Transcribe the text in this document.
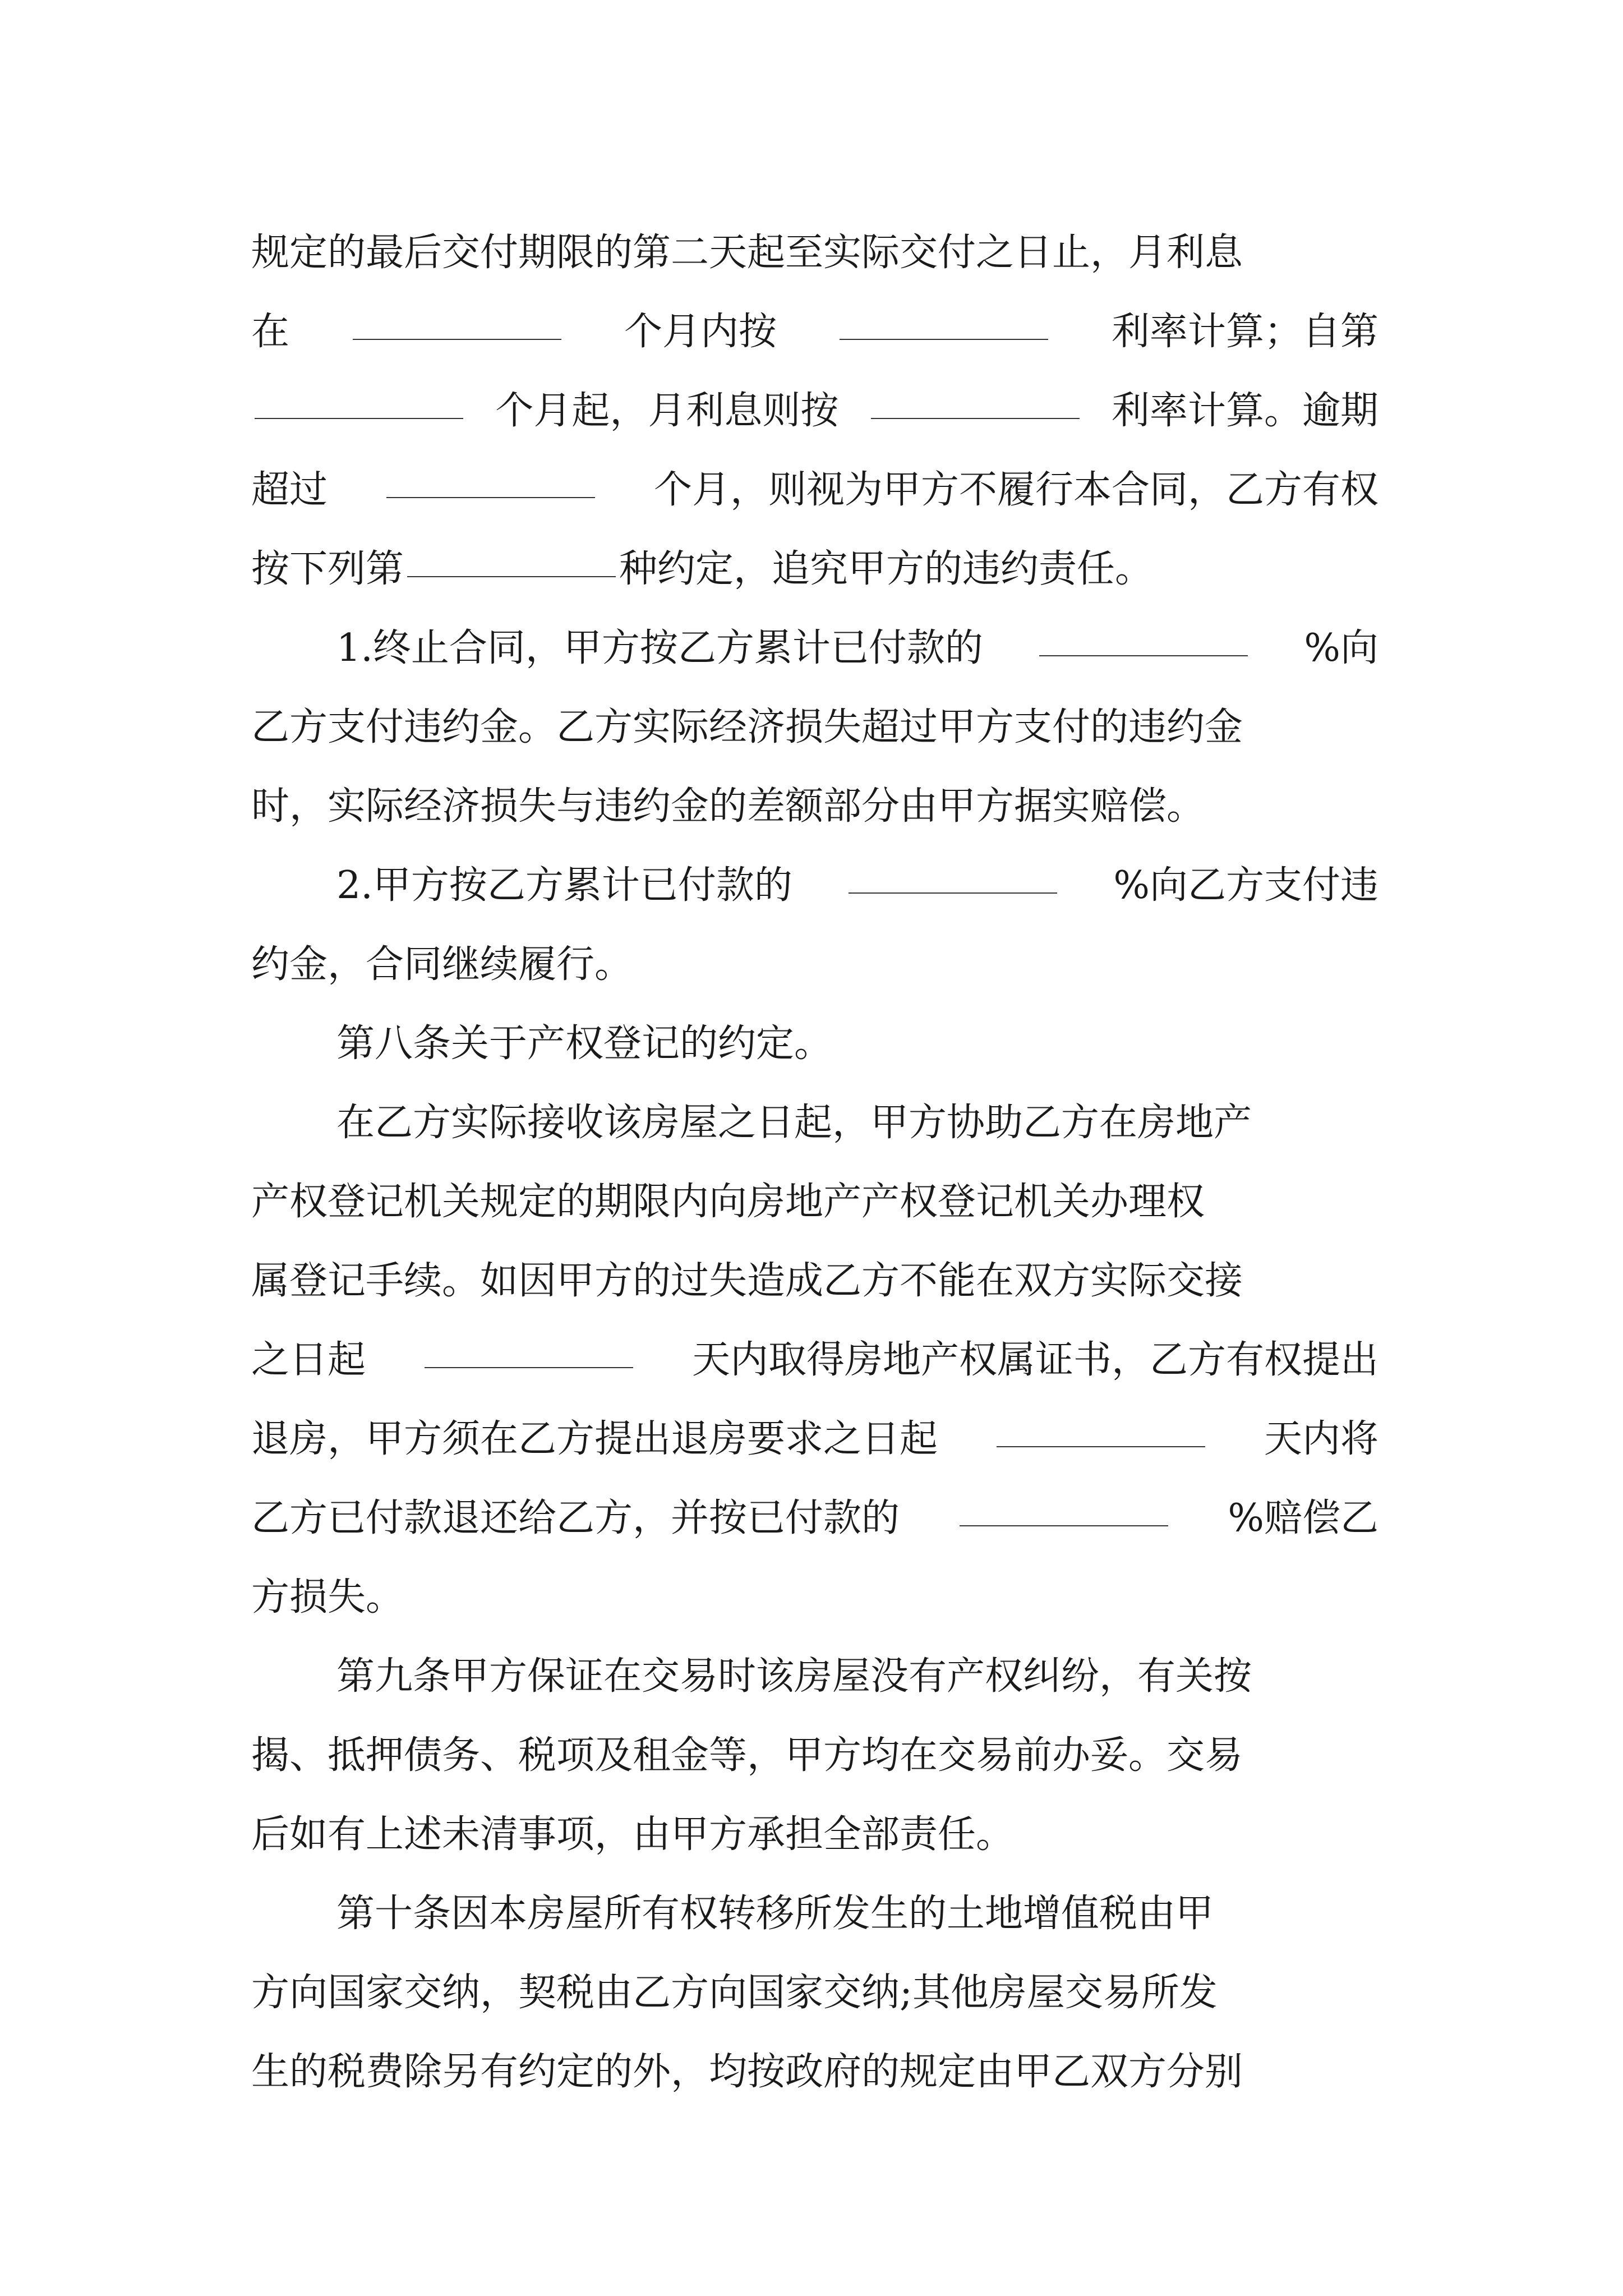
规定的最后交付期限的第二天起至实际交付之日止，月利息
在	个月内按	利率计算；自第
个月起，月利息则按	利率计算。逾期
超过	个月，则视为甲方不履行本合同，乙方有权
按下列第	种约定，追究甲方的违约责任。
1.终止合同，甲方按乙方累计已付款的	%向
乙方支付违约金。乙方实际经济损失超过甲方支付的违约金
时，实际经济损失与违约金的差额部分由甲方据实赔偿。
2.甲方按乙方累计已付款的	%向乙方支付违
约金，合同继续履行。
第八条关于产权登记的约定。
在乙方实际接收该房屋之日起，甲方协助乙方在房地产
产权登记机关规定的期限内向房地产产权登记机关办理权
属登记手续。如因甲方的过失造成乙方不能在双方实际交接
之日起	天内取得房地产权属证书，乙方有权提出
退房，甲方须在乙方提出退房要求之日起	天内将
乙方已付款退还给乙方，并按已付款的	%赔偿乙
方损失。
第九条甲方保证在交易时该房屋没有产权纠纷，有关按
揭、抵押债务、税项及租金等，甲方均在交易前办妥。交易
后如有上述未清事项，由甲方承担全部责任。
第十条因本房屋所有权转移所发生的土地增值税由甲
方向国家交纳，契税由乙方向国家交纳;其他房屋交易所发
生的税费除另有约定的外，均按政府的规定由甲乙双方分别
